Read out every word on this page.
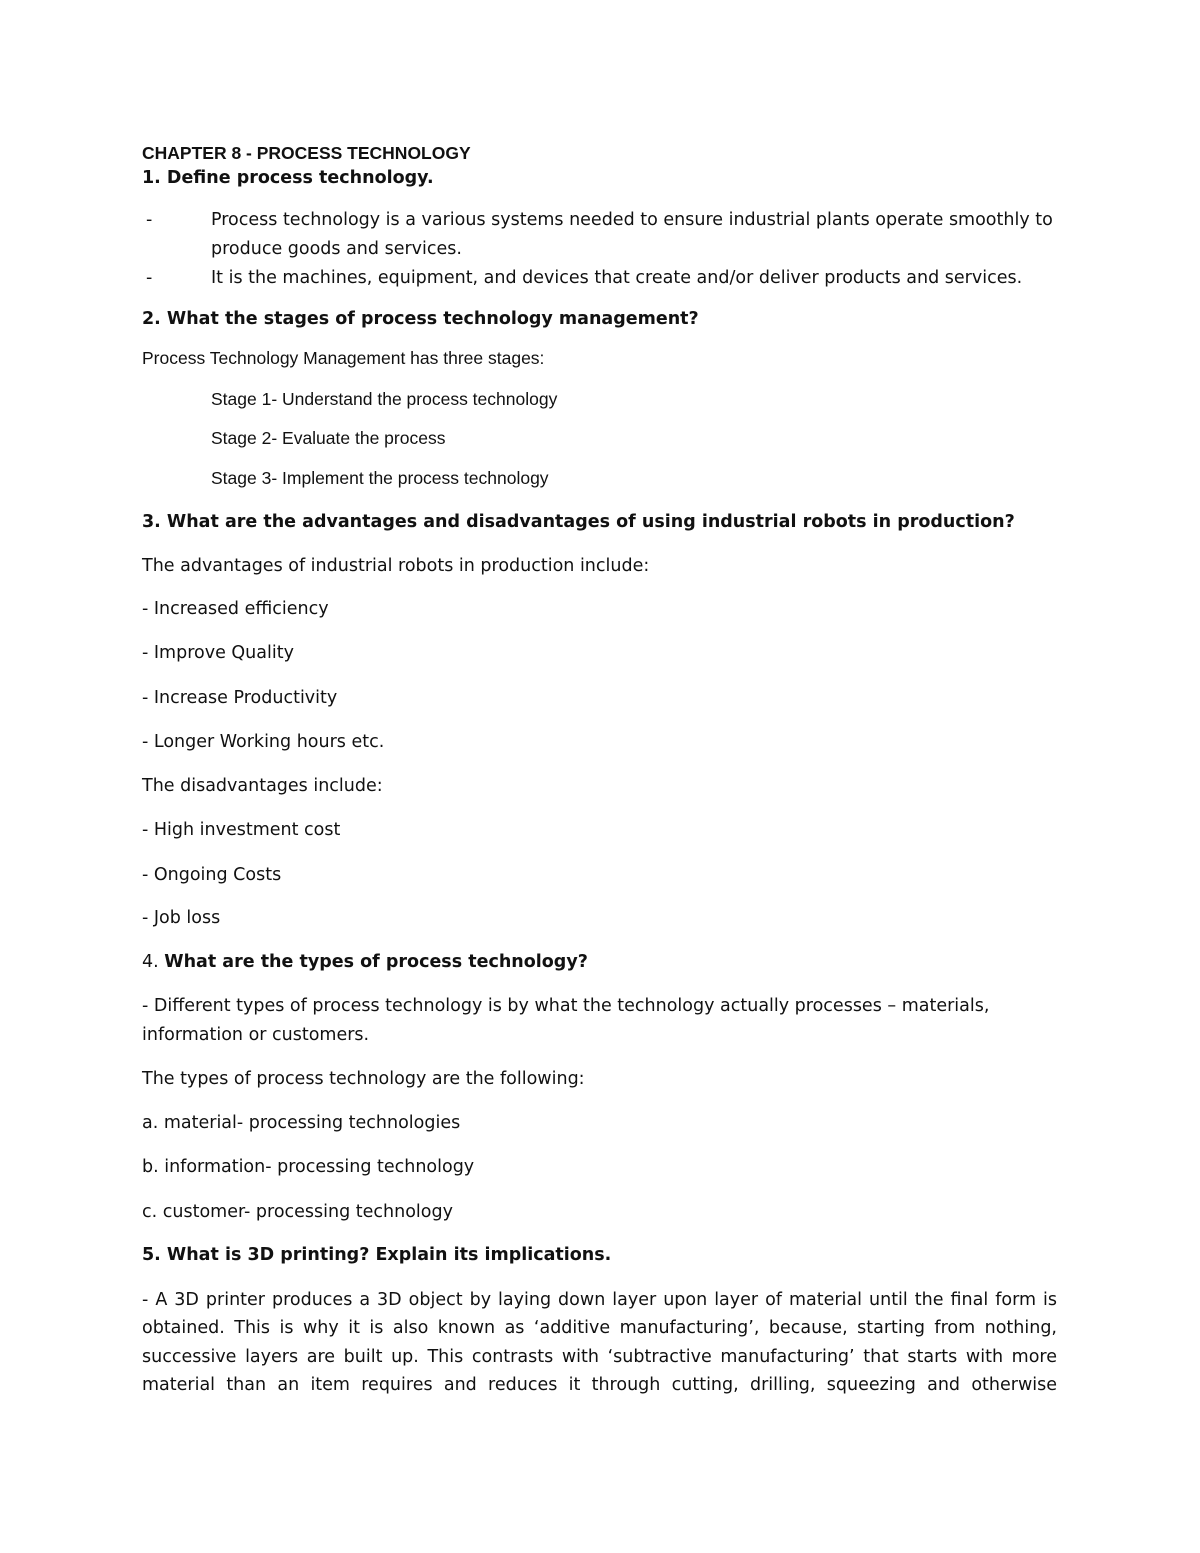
CHAPTER 8 - PROCESS TECHNOLOGY
1. Define process technology.
-	Process technology is a various systems needed to ensure industrial plants operate smoothly to
produce goods and services.
-	It is the machines, equipment, and devices that create and/or deliver products and services.
2. What the stages of process technology management?
Process Technology Management has three stages:
Stage 1- Understand the process technology
Stage 2- Evaluate the process
Stage 3- Implement the process technology
3. What are the advantages and disadvantages of using industrial robots in production?
The advantages of industrial robots in production include:
- Increased efficiency
- Improve Quality
- Increase Productivity
- Longer Working hours etc.
The disadvantages include:
- High investment cost
- Ongoing Costs
- Job loss
4. What are the types of process technology?
- Different types of process technology is by what the technology actually processes – materials,
information or customers.
The types of process technology are the following:
a. material- processing technologies
b. information- processing technology
c. customer- processing technology
5. What is 3D printing? Explain its implications.
- A 3D printer produces a 3D object by laying down layer upon layer of material until the final form is
obtained. This is why it is also known as ‘additive manufacturing’, because, starting from nothing,
successive layers are built up. This contrasts with ‘subtractive manufacturing’ that starts with more
material than an item requires and reduces it through cutting, drilling, squeezing and otherwise
